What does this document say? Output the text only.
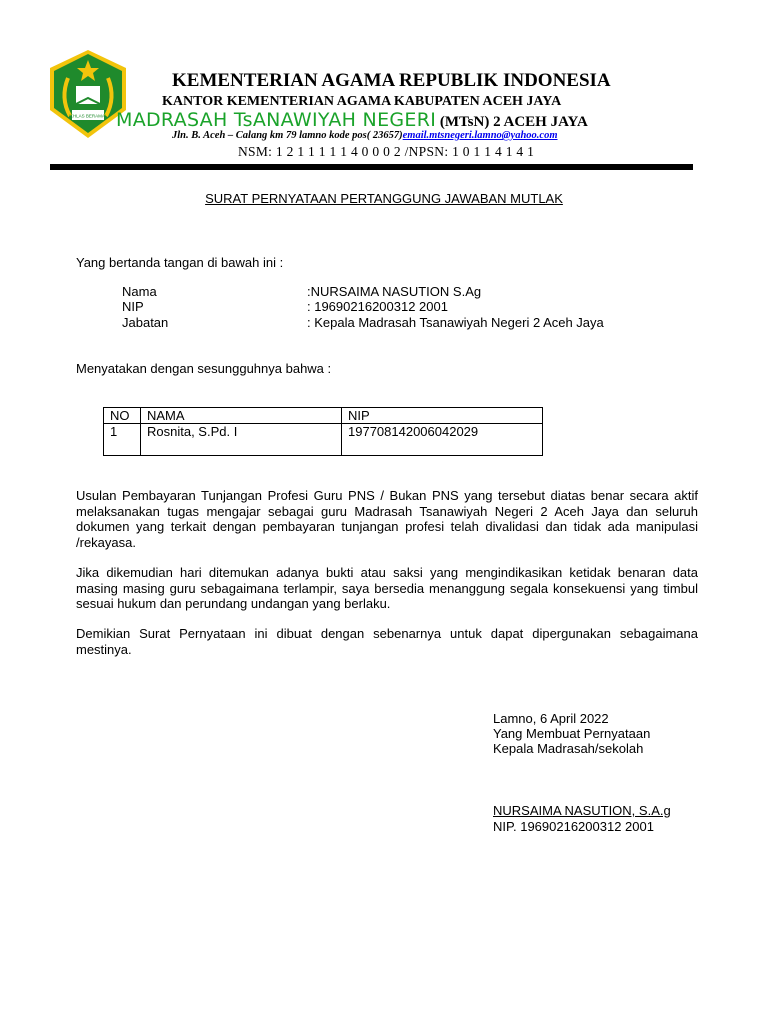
IKHLAS BERAMAL
KEMENTERIAN AGAMA REPUBLIK INDONESIA
KANTOR KEMENTERIAN AGAMA KABUPATEN ACEH JAYA
MADRASAH TsANAWIYAH NEGERI (MTsN) 2 ACEH JAYA
Jln. B. Aceh – Calang km 79 lamno kode pos( 23657)email.mtsnegeri.lamno@yahoo.com
NSM: 1 2 1 1 1 1 1 4 0 0 0 2 /NPSN: 1 0 1 1 4 1 4 1
SURAT PERNYATAAN PERTANGGUNG JAWABAN MUTLAK
Yang bertanda tangan di bawah ini :
Nama	:NURSAIMA NASUTION S.Ag
NIP	: 19690216200312 2001
Jabatan	: Kepala Madrasah Tsanawiyah Negeri 2 Aceh Jaya
Menyatakan dengan sesungguhnya bahwa :
NO	NAMA	NIP
1	Rosnita, S.Pd. I	197708142006042029
Usulan Pembayaran Tunjangan Profesi Guru PNS / Bukan PNS yang tersebut diatas benar secara aktif melaksanakan tugas mengajar sebagai guru Madrasah Tsanawiyah Negeri 2 Aceh Jaya dan seluruh dokumen yang terkait dengan pembayaran tunjangan profesi telah divalidasi dan tidak ada manipulasi /rekayasa.
Jika dikemudian hari ditemukan adanya bukti atau saksi yang mengindikasikan ketidak benaran data masing masing guru sebagaimana terlampir, saya bersedia menanggung segala konsekuensi yang timbul sesuai hukum dan perundang undangan yang berlaku.
Demikian Surat Pernyataan ini dibuat dengan sebenarnya untuk dapat dipergunakan sebagaimana mestinya.
Lamno, 6 April 2022
Yang Membuat Pernyataan
Kepala Madrasah/sekolah
NURSAIMA NASUTION, S.A.g
NIP. 19690216200312 2001
